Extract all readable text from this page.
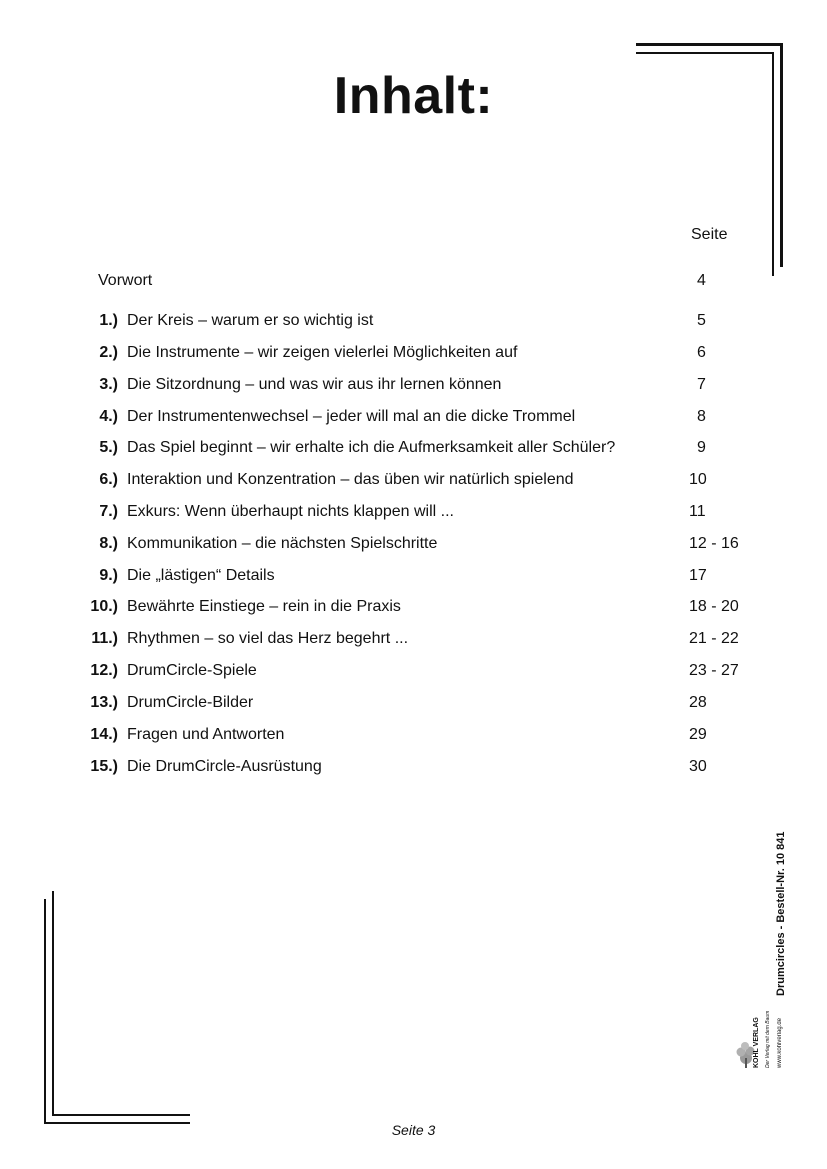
Inhalt:
Seite
Vorwort	4
1.) Der Kreis – warum er so wichtig ist	5
2.) Die Instrumente – wir zeigen vielerlei Möglichkeiten auf	6
3.) Die Sitzordnung – und was wir aus ihr lernen können	7
4.) Der Instrumentenwechsel – jeder will mal an die dicke Trommel	8
5.) Das Spiel beginnt – wir erhalte ich die Aufmerksamkeit aller Schüler?	9
6.) Interaktion und Konzentration – das üben wir natürlich spielend	10
7.) Exkurs: Wenn überhaupt nichts klappen will ...	11
8.) Kommunikation – die nächsten Spielschritte	12 - 16
9.) Die „lästigen“ Details	17
10.) Bewährte Einstiege – rein in die Praxis	18 - 20
11.) Rhythmen – so viel das Herz begehrt ...	21 - 22
12.) DrumCircle-Spiele	23 - 27
13.) DrumCircle-Bilder	28
14.) Fragen und Antworten	29
15.) Die DrumCircle-Ausrüstung	30
Drumcircles - Bestell-Nr. 10 841
KOHL VERLAG	Der Verlag mit dem Baum www.kohlverlag.de
Seite 3
